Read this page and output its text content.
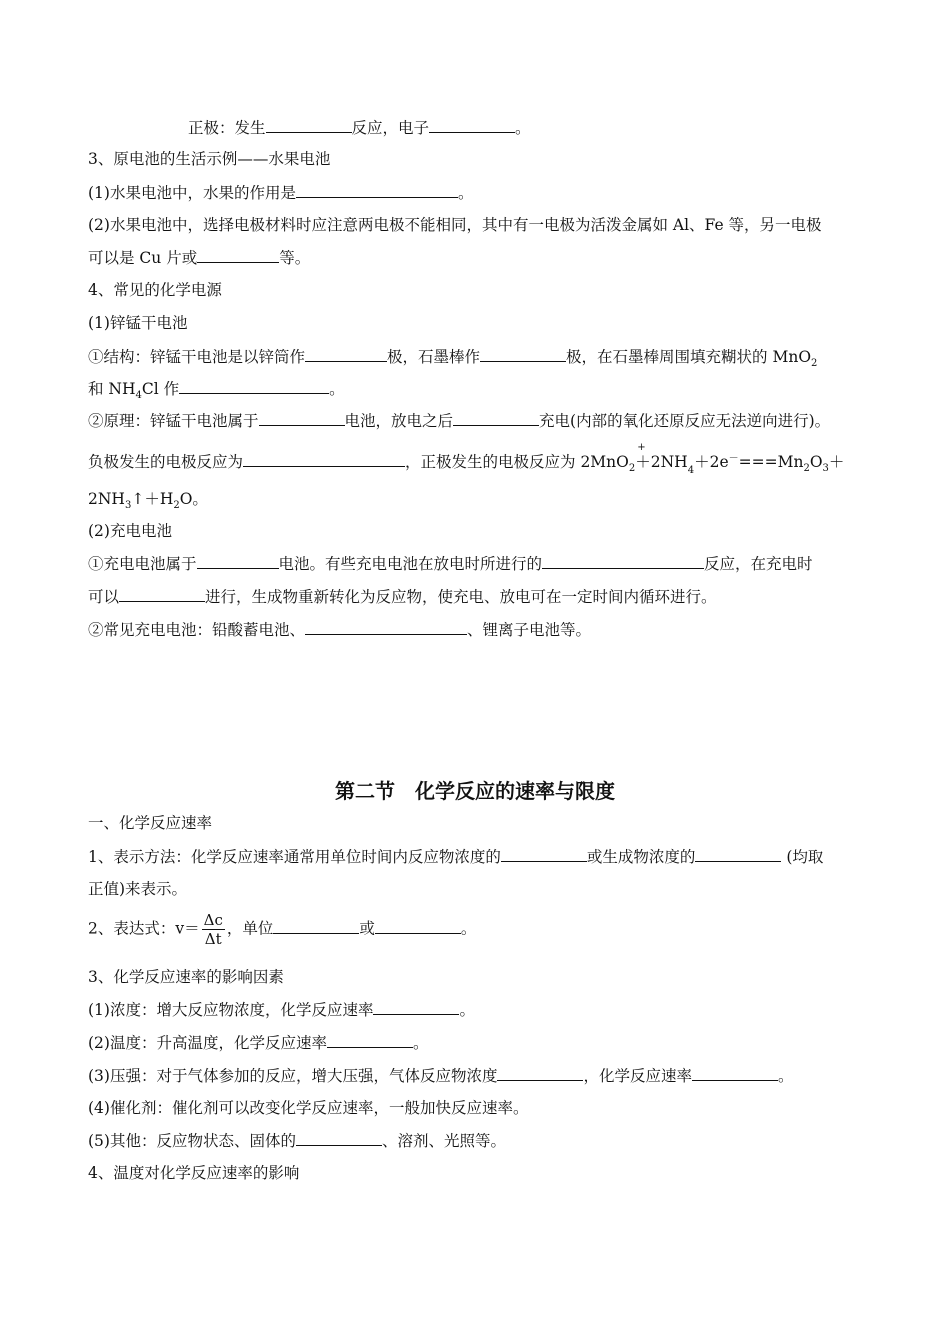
正极：发生	反应，电子	。
3、原电池的生活示例——水果电池
(1)水果电池中，水果的作用是	。
(2)水果电池中，选择电极材料时应注意两电极不能相同，其中有一电极为活泼金属如 Al、Fe 等，另一电极
可以是 Cu 片或	等。
4、常见的化学电源
(1)锌锰干电池
①结构：锌锰干电池是以锌筒作	极，石墨棒作	极，在石墨棒周围填充糊状的 MnO$_2$
和 $NH_4Cl$ 作	。
②原理：锌锰干电池属于	电池，放电之后	充电(内部的氧化还原反应无法逆向进行)。
负极发生的电极反应为	，正极发生的电极反应为 2MnO$_2$＋2NH
+
$_4+2e^-===Mn_2O_3+$
$2NH_3↑+H_2O$。
(2)充电电池
①充电电池属于	电池。有些充电电池在放电时所进行的	反应，在充电时
可以	进行，生成物重新转化为反应物，使充电、放电可在一定时间内循环进行。
②常见充电电池：铅酸蓄电池、	、锂离子电池等。
第二节　化学反应的速率与限度
一、化学反应速率
1、表示方法：化学反应速率通常用单位时间内反应物浓度的	或生成物浓度的	(均取
正值)来表示。
2、表达式：$v= \frac{\Delta c}{\Delta t}$ ，单位	或	。
3、化学反应速率的影响因素
(1)浓度：增大反应物浓度，化学反应速率	。
(2)温度：升高温度，化学反应速率	。
(3)压强：对于气体参加的反应，增大压强，气体反应物浓度	，化学反应速率	。
(4)催化剂：催化剂可以改变化学反应速率，一般加快反应速率。
(5)其他：反应物状态、固体的	、溶剂、光照等。
4、温度对化学反应速率的影响
